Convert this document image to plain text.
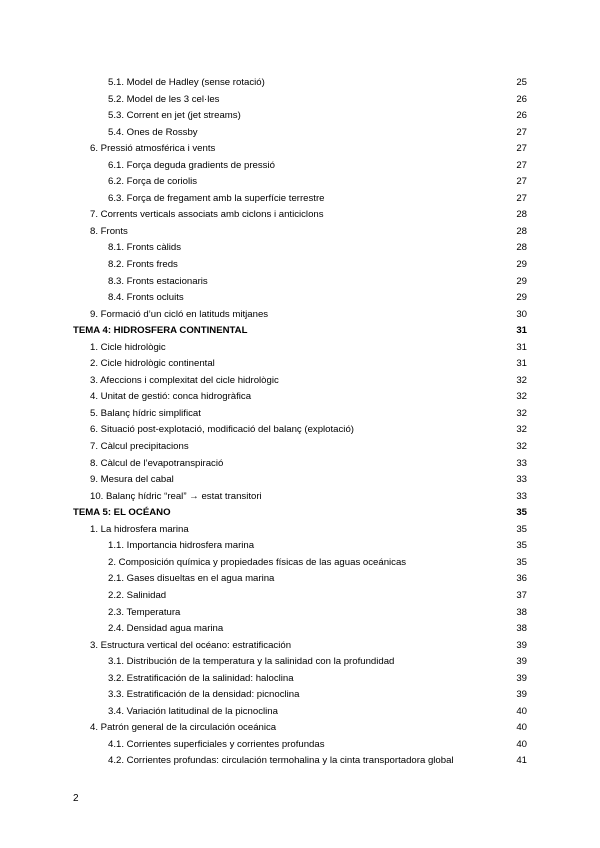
5.1. Model de Hadley (sense rotació)	25
5.2. Model de les 3 cel·les	26
5.3. Corrent en jet (jet streams)	26
5.4. Ones de Rossby	27
6. Pressió atmosférica i vents	27
6.1. Força deguda gradients de pressió	27
6.2. Força de coriolis	27
6.3. Força de fregament amb la superfície terrestre	27
7. Corrents verticals associats amb ciclons i anticiclons	28
8. Fronts	28
8.1. Fronts càlids	28
8.2. Fronts freds	29
8.3. Fronts estacionaris	29
8.4. Fronts ocluits	29
9. Formació d’un cicló en latituds mitjanes	30
TEMA 4: HIDROSFERA CONTINENTAL	31
1. Cicle hidrològic	31
2. Cicle hidrològic continental	31
3. Afeccions i complexitat del cicle hidrològic	32
4. Unitat de gestió: conca hidrogràfica	32
5. Balanç hídric simplificat	32
6. Situació post-explotació, modificació del balanç (explotació)	32
7. Càlcul precipitacions	32
8. Càlcul de l’evapotranspiració	33
9. Mesura del cabal	33
10. Balanç hídric “real” → estat transitori	33
TEMA 5: EL OCÉANO	35
1. La hidrosfera marina	35
1.1. Importancia hidrosfera marina	35
2. Composición química y propiedades físicas de las aguas oceánicas	35
2.1. Gases disueltas en el agua marina	36
2.2. Salinidad	37
2.3. Temperatura	38
2.4. Densidad agua marina	38
3. Estructura vertical del océano: estratificación	39
3.1. Distribución de la temperatura y la salinidad con la profundidad	39
3.2. Estratificación de la salinidad: haloclina	39
3.3. Estratificación de la densidad: picnoclina	39
3.4. Variación latitudinal de la picnoclina	40
4. Patrón general de la circulación oceánica	40
4.1. Corrientes superficiales y corrientes profundas	40
4.2. Corrientes profundas: circulación termohalina y la cinta transportadora global	41
2
